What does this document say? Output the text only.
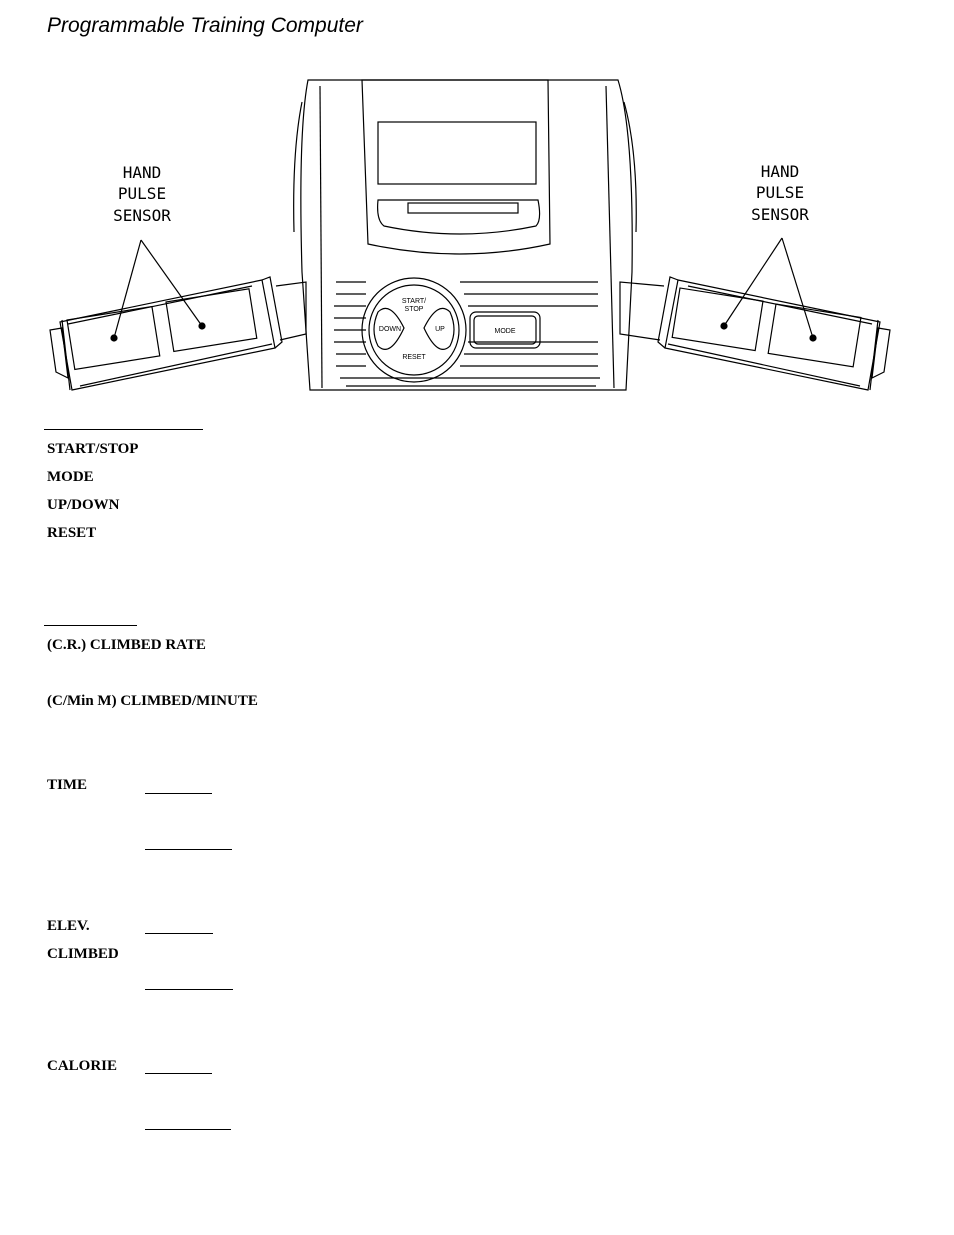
Programmable Training Computer
HAND
PULSE
SENSOR
HAND
PULSE
SENSOR
START/
STOP
DOWN	UP
RESET
MODE

START/STOP

MODE

UP/DOWN

RESET

(C.R.) CLIMBED RATE

(C/Min M) CLIMBED/MINUTE

TIME

ELEV.

CLIMBED

CALORIE
